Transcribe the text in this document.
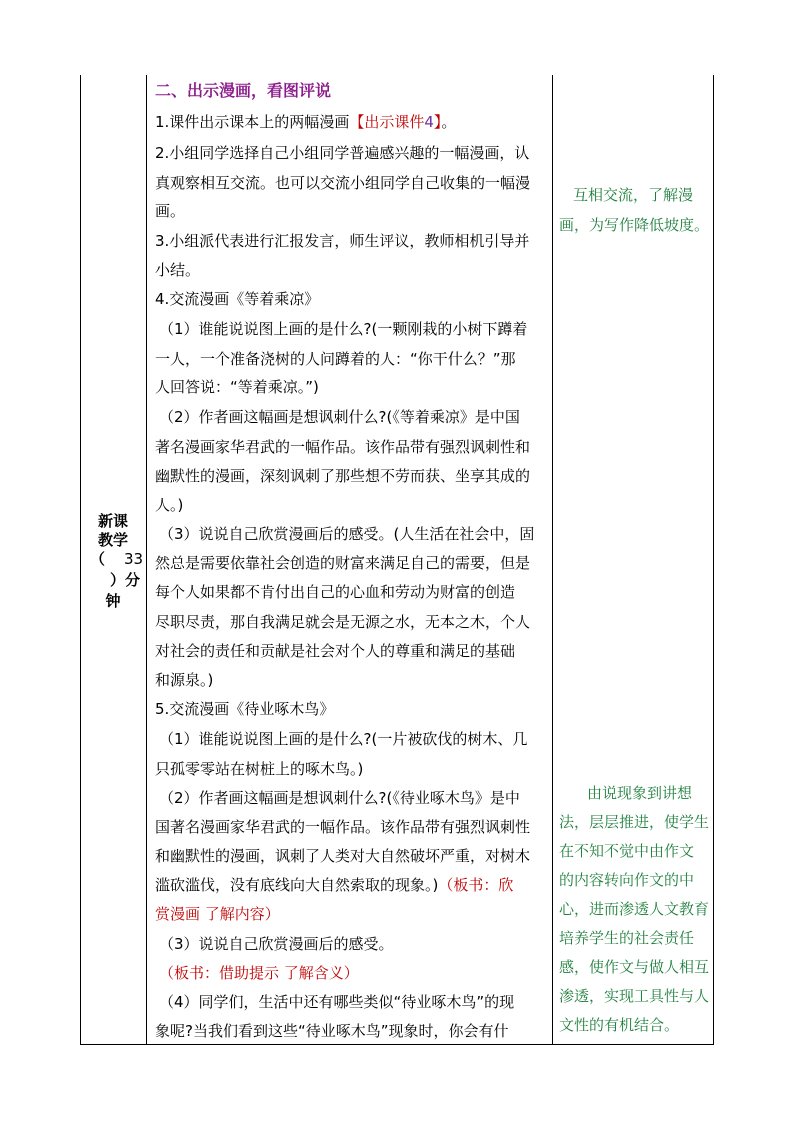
新课
教学
（ 33
）分
钟
二、出示漫画，看图评说
1.课件出示课本上的两幅漫画【出示课件4】。
2.小组同学选择自己小组同学普遍感兴趣的一幅漫画，认
真观察相互交流。也可以交流小组同学自己收集的一幅漫
画。
3.小组派代表进行汇报发言，师生评议，教师相机引导并
小结。
4.交流漫画《等着乘凉》
（1）谁能说说图上画的是什么?(一颗刚栽的小树下蹲着
一人，一个准备浇树的人问蹲着的人：“你干什么？”那
人回答说：“等着乘凉。”)
（2）作者画这幅画是想讽刺什么?(《等着乘凉》是中国
著名漫画家华君武的一幅作品。该作品带有强烈讽刺性和
幽默性的漫画，深刻讽刺了那些想不劳而获、坐享其成的
人。)
（3）说说自己欣赏漫画后的感受。(人生活在社会中，固
然总是需要依靠社会创造的财富来满足自己的需要，但是
每个人如果都不肯付出自己的心血和劳动为财富的创造
尽职尽责，那自我满足就会是无源之水，无本之木，个人
对社会的责任和贡献是社会对个人的尊重和满足的基础
和源泉。)
5.交流漫画《待业啄木鸟》
（1）谁能说说图上画的是什么?(一片被砍伐的树木、几
只孤零零站在树桩上的啄木鸟。)
（2）作者画这幅画是想讽刺什么?(《待业啄木鸟》是中
国著名漫画家华君武的一幅作品。该作品带有强烈讽刺性
和幽默性的漫画，讽刺了人类对大自然破坏严重，对树木
滥砍滥伐，没有底线向大自然索取的现象。)（板书：欣
赏漫画 了解内容）
（3）说说自己欣赏漫画后的感受。
（板书：借助提示 了解含义）
（4）同学们，生活中还有哪些类似“待业啄木鸟”的现
象呢?当我们看到这些“待业啄木鸟”现象时，你会有什
互相交流，了解漫
画，为写作降低坡度。
由说现象到讲想
法，层层推进，使学生
在不知不觉中由作文
的内容转向作文的中
心，进而渗透人文教育
培养学生的社会责任
感，使作文与做人相互
渗透，实现工具性与人
文性的有机结合。
